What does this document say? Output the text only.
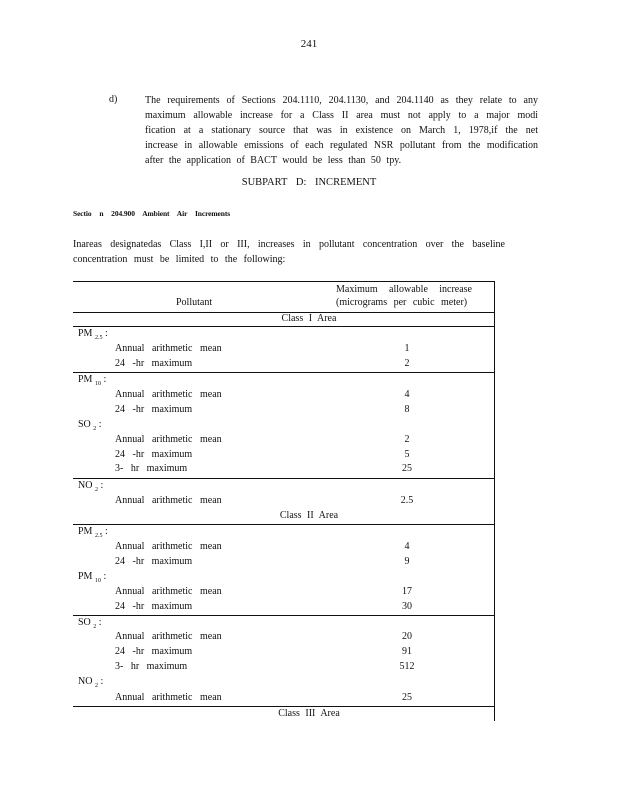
241
d)	The requirements of Sections 204.1110, 204.1130, and 204.1140 as they relate to any maximum allowable increase for a Class II area must not apply to a major modi fication at a stationary source that was in existence on March 1, 1978,if the net increase in allowable emissions of each regulated NSR pollutant from the modification after the application of BACT would be less than 50 tpy.
SUBPART D: INCREMENT
Sectio n 204.900 Ambient Air Increments
Inareas designatedas Class I,II or III, increases in pollutant concentration over the baseline concentration must be limited to the following:
Pollutant
Maximum allowable increase (micrograms per cubic meter)
Class I Area
PM $_{2.5}$ :
Annual arithmetic mean	1
24 -hr maximum	2
PM $_{10}$ :
Annual arithmetic mean	4
24 -hr maximum	8
SO $_2$ :
Annual arithmetic mean	2
24 -hr maximum	5
3- hr maximum	25
NO $_2$ :
Annual arithmetic mean	2.5
Class II Area
PM $_{2.5}$ :
Annual arithmetic mean	4
24 -hr maximum	9
PM $_{10}$ :
Annual arithmetic mean	17
24 -hr maximum	30
SO $_2$ :
Annual arithmetic mean	20
24 -hr maximum	91
3- hr maximum	512
NO $_2$ :
Annual arithmetic mean	25
Class III Area
